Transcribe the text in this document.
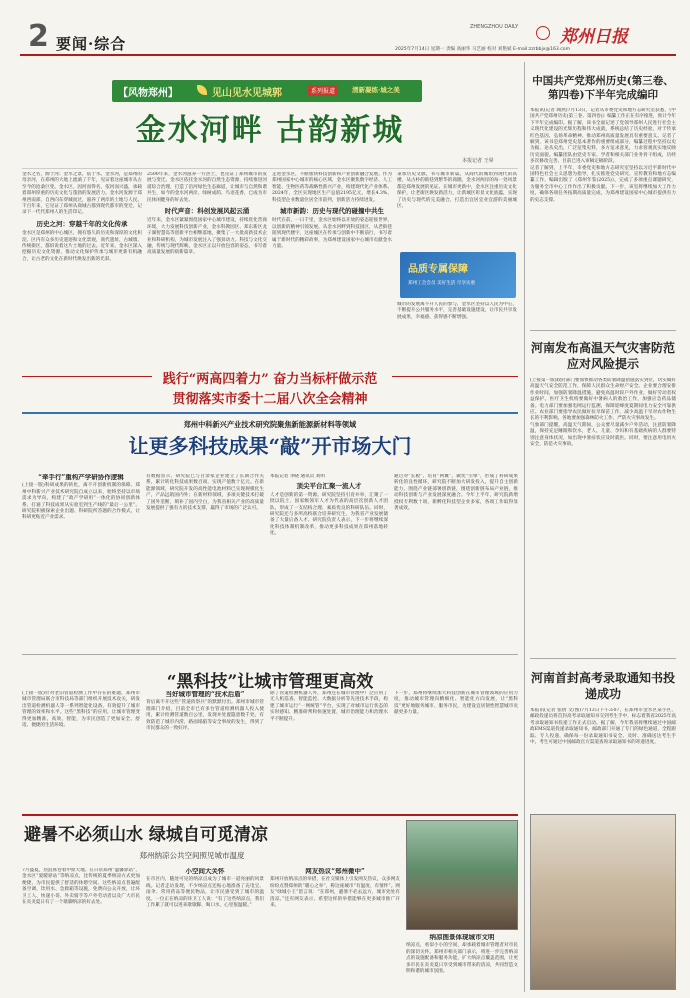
2 要闻·综合
ZHENGZHOU DAILY 郑州日报
2025年7月14日 星期一 责编 高丽华 马艺丽 校对 刘艳斌 E-mail:zzrbbjx@163.com
【风物郑州】	见山见水见城郭	系列报道	清新凝练·城之美
金水河畔 古韵新城
本报记者 王晕

金水之名，源于河；金水之景，依于水。金水河，是郑州的母亲河，在郑州的大地上流淌了千年，见证着这座城市从古至今的沧桑巨变。金水区，因河而得名，依河而兴盛，承载着郑州厚重的历史文化与蓬勃的发展活力。金水河发源于郑州西南部，自西向东穿城而过，滋养了两岸的土地与人民。千百年来，它见证了郑州从商城古都到现代都市的变迁，记录下一代代郑州人的生活印记。

历史之河：穿越千年的文化传承

金水区是郑州的中心城区，拥有悠久的历史和深厚的文化积淀。区内有众多历史遗迹和文化景观，商代遗址、古城墙、传统街区，都诉说着这片土地的过去。近年来，金水区深入挖掘历史文化资源，推动文化保护传承与城市更新有机融合，让古老的文化在新时代焕发出新的光彩。

2500年来，金水河滋养一方热土，也见证了郑州城市的发展与变迁。金水区依托金水河的自然生态资源，持续推进河道综合治理，打造了沿河绿色生态廊道，让城市与自然和谐共生，如今的金水河两岸，绿树成荫、鸟语花香，已成为市民休闲健身的好去处。

时代声音：科创发展风起云涌

近年来，金水区紧紧围绕国家中心城市建设，持续优化营商环境，大力发展科技创新产业，金水科教园区、郑东新区龙子湖智慧岛等创新平台相继落地，聚集了一大批高新技术企业和科研机构，为城市发展注入了强劲动力。科技与文化交融，传统与现代辉映，金水区正以开放包容的姿态，书写着高质量发展的崭新篇章。

走进金水区，不断加快科技创新和产业创新融合发展。作为郑州国家中心城市的核心区域，金水区聚焦数字经济、人工智能、生物医药等战略性新兴产业，构建现代化产业体系。2024年，全区实现地区生产总值2195亿元，增长4.3%，科技型企业数量位居全市前列，创新活力持续迸发。

城市新韵：历史与现代的碰撞中共生

时代在前，一日千里，金水区始终以开放的姿态迎接世界，以创新的精神引领发展。从金水河畔到科技园区，从老街巷陌到现代楼宇，这座城区在传承与创新中不断前行，书写着属于新时代的精彩故事，为郑州建设国家中心城市贡献金水力量。

秉承历史文脉，书写城市新篇。从商代的城垣到现代的高楼，从古朴的街巷到繁华的商圈，金水河两岸的每一处风景都是郑州发展的见证。在城市更新中，金水区注重历史文化保护，让老街区焕发新活力，让新城区彰显文化底蕴，实现了历史与现代的完美融合，打造出宜居宜业宜游的美丽城区。

品质专属保障
郑州工会会员 美好生活 尽享实惠

城市的发展离不开人民的参与，金水区坚持以人民为中心，不断提升公共服务水平，完善基础设施建设，让市民共享发展成果，幸福感、获得感不断增强。

践行“两高四着力” 奋力当标杆做示范
贯彻落实市委十二届八次全会精神
郑州中科新兴产业技术研究院聚焦新能源新材料等领域
让更多科技成果“敲”开市场大门

“牵手行”重构产学研协作逻辑

(上接一版)科研成果的转化，离不开创新机制的保障。郑州中科新兴产业技术研究院自成立以来，始终坚持以市场需求为导向，构建了“政产学研用”一体化的协同创新体系，打通了科技成果从实验室到生产线的“最后一公里”。研究院积极探索企业出题、科研院所答题的合作模式，让科研更贴近产业需求。

有数据显示，研究院已与百余家企业建立了长期合作关系，累计转化科技成果数百项，实现产值数十亿元。在新能源领域，研究院开发的高性能电池材料已实现规模化生产，产品远销国内外；在新材料领域，多项关键技术打破了国外垄断，填补了国内空白，为我省相关产业的高质量发展提供了强有力的技术支撑，赢得了市场的广泛认可。

本报记者 李晓 通讯员 刘明

顶尖平台汇聚一流人才

人才是创新的第一资源。研究院坚持引育并举，汇聚了一批以院士、国家级领军人才为代表的高层次创新人才团队，形成了一支结构合理、素质优良的科研队伍。同时，研究院还与多所高校联合培养研究生，为我省产业发展储备了大量后备人才。研究院负责人表示，下一步将继续深化科技体制机制改革，推动更多科技成果在郑州落地转化。

通过对“长板”、培育“两翼”、做优“引擎”，形成了科研成果转化的良性循环，研究院不断加大研发投入，提升自主创新能力，围绕产业链部署创新链，围绕创新链布局产业链，推动科技创新与产业发展深度融合。今年上半年，研究院新增授权专利数十项，新孵化科技型企业多家，各项工作取得显著成效。

“黑科技”让城市管理更高效

(上接一版)针对老旧管道检测工作中存在的难题，郑州市城市管理局联合市科技局等部门组织开展技术攻关，研发出管道检测机器人等一系列智能化设备，有效提升了城市管理的效率和水平。这些“黑科技”的应用，让城市管理变得更加精准、高效、智能，为市民创造了更加安全、舒适、便捷的生活环境。

当好城市管理的“技术后盾”

背后离不开这些“管道侦察兵”的默默付出。郑州市城市管理部门介绍，目前全市已有多台管道检测机器人投入使用，累计检测管道数百公里，发现并处置隐患数千处，有效防范了城市内涝、路面塌陷等安全事故的发生，得到了市民群众的一致好评。

除了管道检测机器人外，郑州还在城市管理中广泛应用了无人机巡查、智能监控、大数据分析等先进技术手段，构建了城市运行“一网统管”平台，实现了对城市运行状态的实时感知、精准研判和快速处置，城市治理能力和治理水平不断提升。

下一步，郑州将继续加大科技创新在城市管理领域的应用力度，推动城市管理向精细化、智能化方向发展，让“黑科技”更好地服务城市、服务市民，为建设宜居韧性智慧城市贡献更多力量。

避暑不必须山水 绿城自可觅清凉
郑州纳凉公共空间照见城市温度

7月盛夏，热浪席卷着中原大地。在日常郑州“温馨驿站”，金水区“爱暖驿站”等纳凉点，比传统的夏季纳凉方式更加便捷，为市民提供了舒适的休憩空间。这些纳凉点普遍配备空调、饮用水、急救箱等设施，免费向公众开放，让环卫工人、快递小哥、外卖骑手等户外劳动者以及广大市民在炎炎夏日有了一个歇脚纳凉的好去处。

小空间大关怀

在市区内，随处可见的纳凉点成为了城市一道亮丽的风景线。记者走访发现，不少纳凉点还贴心地准备了充电宝、雨伞、常用药品等便民物品，让市民感受到了城市的温度。一位正在纳凉的环卫工人说：“有了这些纳凉点，我们工作累了就可以进来歇歇脚、喝口水，心里很温暖。”

网友热议“郑州微中”

郑州开放纳凉点的举措，在社交媒体上引发网友热议，众多网友纷纷点赞郑州的“暖心之举”，称这座城市“有温度、有情怀”。网友“绿城小王”留言说：“在郑州，避暑不必去远方，城市处处有清凉。”还有网友表示，希望这样的举措能够在更多城市推广开来。

纳凉图景体现城市文明

纳凉点，看似小小的空间，却承载着城市管理者对市民的深切关怀。郑州市相关部门表示，将进一步完善纳凉点的设施配备和服务功能，扩大纳凉点覆盖范围，让更多市民在炎炎夏日享受到城市带来的清凉，共同营造文明和谐的城市氛围。

中国共产党郑州历史(第三卷、第四卷)下半年完成编印

本报讯(记者 陶然)7月13日，记者从市委党史和地方志研究室获悉，《中国共产党郑州历史(第三卷、第四卷)》编纂工作正在有序推进，预计今年下半年完成编印。据了解，该书全面记述了党领导郑州人民进行社会主义现代化建设的光辉历程和伟大成就，系统总结了历史经验，对于传承红色基因、弘扬革命精神、推动郑州高质量发展具有重要意义。记者了解到，该书是郑州党史基本著作的重要组成部分，编纂过程中坚持以史为据、论从史出，广泛征集史料，多方征求意见，力求客观真实地反映历史面貌。编纂团队由党史专家、学者和相关部门业务骨干组成，历经多次修改完善，目前已进入审稿定稿阶段。

记者了解到，上半年，市委党史和地方志研究室坚持以习近平新时代中国特色社会主义思想为指导，扎实推进党史研究、宣传教育和地方志编纂工作，编辑出版了《郑州年鉴(2025)》，完成了多项重点课题研究，为服务全市中心工作作出了积极贡献。下一步，该室将继续加大工作力度，确保各项任务按期高质量完成，为郑州建设国家中心城市提供有力的史志支撑。

河南发布高温天气灾害防范应对风险提示

(上接第一版)政府部门要加快推动各类防暑降温措施落实到位，切实做好高温天气安全防范工作，保障人民群众生命财产安全。企业要合理安排作业时间，加强防暑降温措施，避免高温时段户外作业，做好劳动者权益保护。医疗卫生机构要做好中暑病人的救治工作，加强应急药品储备。电力部门要加强电网运行监测，保障迎峰度夏期间电力安全可靠供应。农业部门要指导农民做好抗旱保苗工作，减少高温干旱对农作物生长的不利影响。各地要加强森林防火工作，严防火灾事故发生。

气象部门提醒，高温天气期间，公众要尽量减少户外活动，注意防暑降温，保持充足睡眠和饮水，老人、儿童、孕妇和有基础疾病的人群要特别注意身体状况，如出现中暑症状应及时就医。同时，要注意用电用火安全，防范火灾事故。

河南首封高考录取通知书投递成功

本报讯(记者 张倩 文/图)7月13日下午3:07，在郑州市金水区某小区，邮政投递员将首封高考录取通知书交到考生手中，标志着我省2025年高考录取通知书投递工作正式启动。据了解，今年我省将继续通过中国邮政EMS渠道投递录取通知书，邮政部门开通了专门的绿色通道，全程跟踪、专人投递，确保每一份录取通知书安全、及时、准确送达考生手中。考生可通过中国邮政官方渠道查询录取通知书的寄递进度。
